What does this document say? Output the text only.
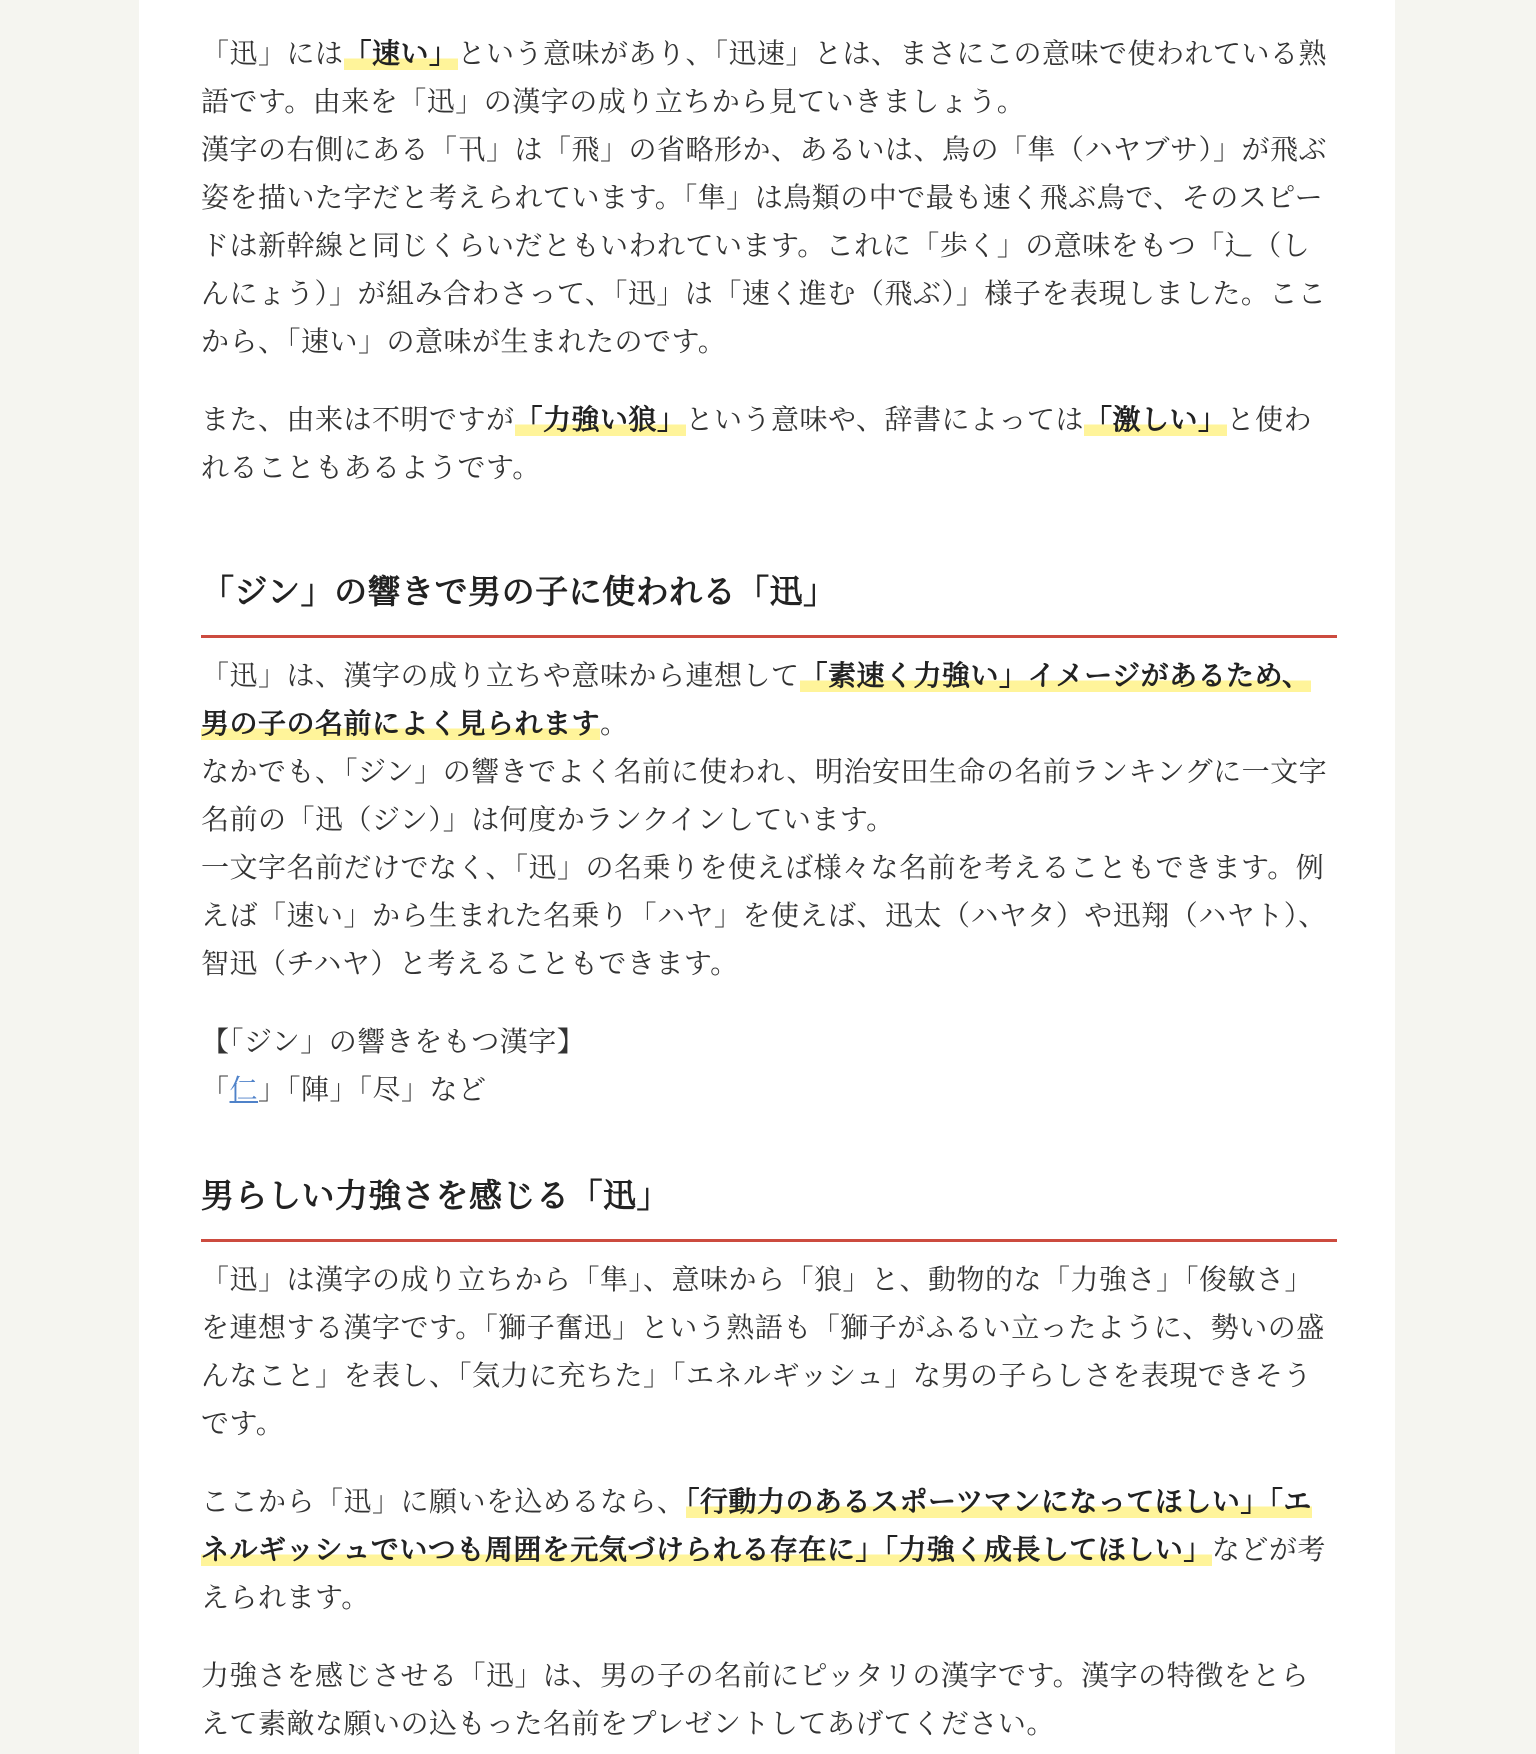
「迅」には「速い」という意味があり、「迅速」とは、まさにこの意味で使われている熟語です。由来を「迅」の漢字の成り立ちから見ていきましょう。

漢字の右側にある「卂」は「飛」の省略形か、あるいは、鳥の「隼（ハヤブサ）」が飛ぶ姿を描いた字だと考えられています。「隼」は鳥類の中で最も速く飛ぶ鳥で、そのスピードは新幹線と同じくらいだともいわれています。これに「歩く」の意味をもつ「⻌（しんにょう）」が組み合わさって、「迅」は「速く進む（飛ぶ）」様子を表現しました。ここから、「速い」の意味が生まれたのです。

また、由来は不明ですが「力強い狼」という意味や、辞書によっては「激しい」と使われることもあるようです。

「ジン」の響きで男の子に使われる「迅」

「迅」は、漢字の成り立ちや意味から連想して「素速く力強い」イメージがあるため、男の子の名前によく見られます。

なかでも、「ジン」の響きでよく名前に使われ、明治安田生命の名前ランキングに一文字名前の「迅（ジン）」は何度かランクインしています。

一文字名前だけでなく、「迅」の名乗りを使えば様々な名前を考えることもできます。例えば「速い」から生まれた名乗り「ハヤ」を使えば、迅太（ハヤタ）や迅翔（ハヤト）、智迅（チハヤ）と考えることもできます。

【「ジン」の響きをもつ漢字】

「仁」「陣」「尽」など

男らしい力強さを感じる「迅」

「迅」は漢字の成り立ちから「隼」、意味から「狼」と、動物的な「力強さ」「俊敏さ」を連想する漢字です。「獅子奮迅」という熟語も「獅子がふるい立ったように、勢いの盛んなこと」を表し、「気力に充ちた」「エネルギッシュ」な男の子らしさを表現できそうです。

ここから「迅」に願いを込めるなら、「行動力のあるスポーツマンになってほしい」「エネルギッシュでいつも周囲を元気づけられる存在に」「力強く成長してほしい」などが考えられます。

力強さを感じさせる「迅」は、男の子の名前にピッタリの漢字です。漢字の特徴をとらえて素敵な願いの込もった名前をプレゼントしてあげてください。
